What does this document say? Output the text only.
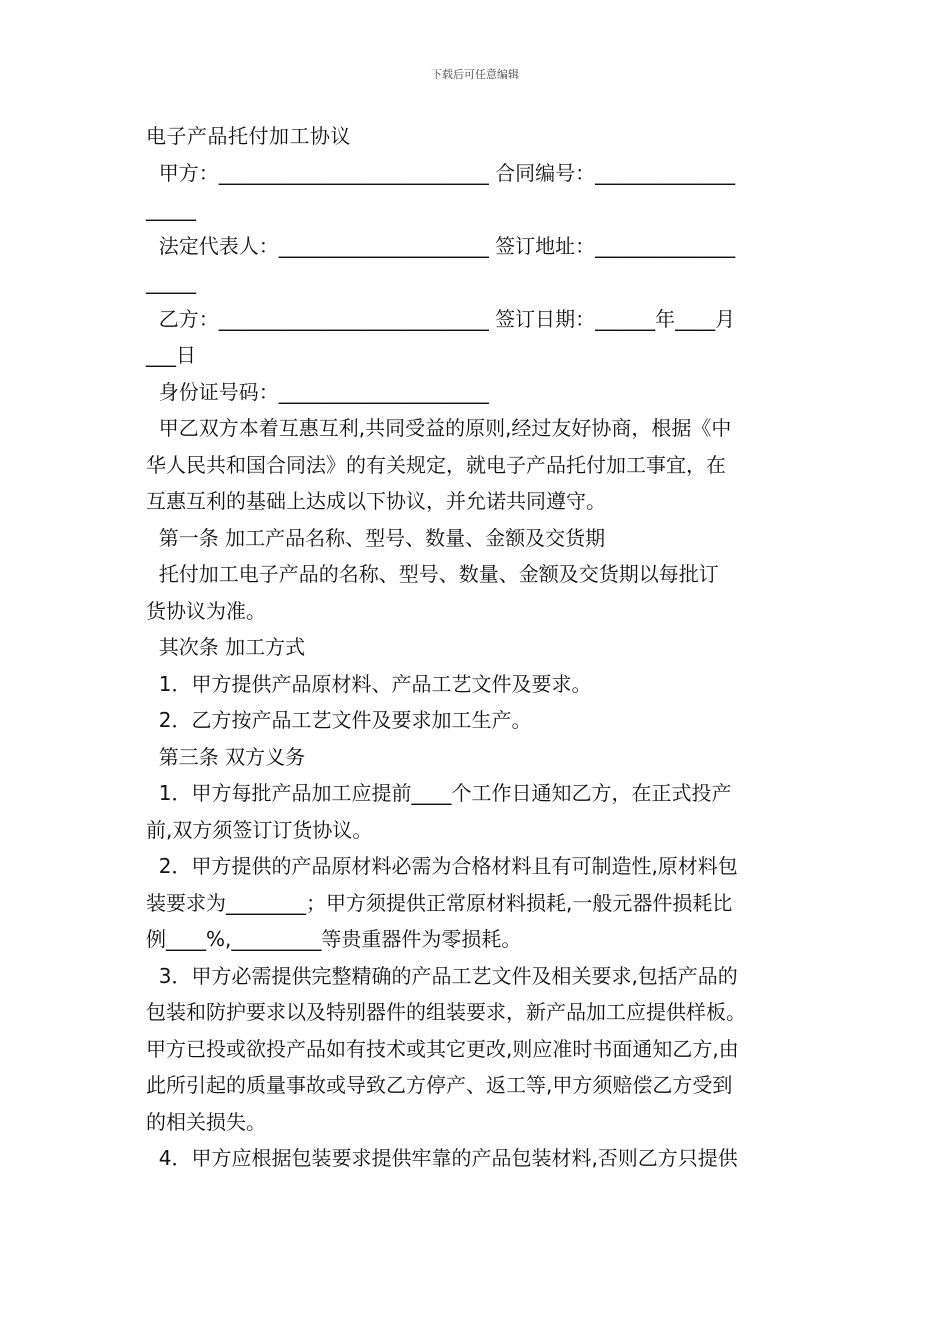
下载后可任意编辑

电子产品托付加工协议

甲方：___________________________ 合同编号：______________

_____

法定代表人：_____________________ 签订地址：______________

_____

乙方：___________________________ 签订日期：______年____月

___日

身份证号码：_____________________

甲乙双方本着互惠互利,共同受益的原则,经过友好协商，根据《中

华人民共和国合同法》的有关规定，就电子产品托付加工事宜，在

互惠互利的基础上达成以下协议，并允诺共同遵守。

第一条 加工产品名称、型号、数量、金额及交货期

托付加工电子产品的名称、型号、数量、金额及交货期以每批订

货协议为准。

其次条 加工方式

1．甲方提供产品原材料、产品工艺文件及要求。

2．乙方按产品工艺文件及要求加工生产。

第三条 双方义务

1．甲方每批产品加工应提前____个工作日通知乙方，在正式投产

前,双方须签订订货协议。

2．甲方提供的产品原材料必需为合格材料且有可制造性,原材料包

装要求为________；甲方须提供正常原材料损耗,一般元器件损耗比

例____%,_________等贵重器件为零损耗。

3．甲方必需提供完整精确的产品工艺文件及相关要求,包括产品的

包装和防护要求以及特别器件的组装要求，新产品加工应提供样板。

甲方已投或欲投产品如有技术或其它更改,则应准时书面通知乙方,由

此所引起的质量事故或导致乙方停产、返工等,甲方须赔偿乙方受到

的相关损失。

4．甲方应根据包装要求提供牢靠的产品包装材料,否则乙方只提供
